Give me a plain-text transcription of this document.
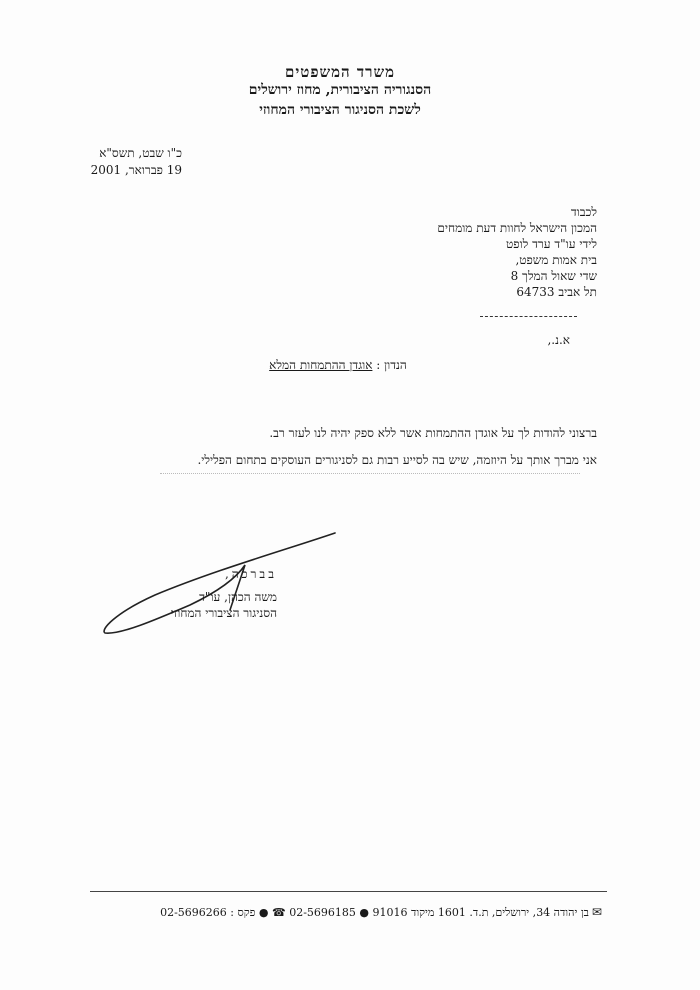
משרד המשפטים
הסנגוריה הציבורית, מחוז ירושלים
לשכת הסניגור הציבורי המחוזי
כ"ו שבט, תשס"א
19 פברואר, 2001
לכבוד
המכון הישראל לחוות דעת מומחים
לידי עו"ד ערד לופט
בית אמות משפט,
שדי שאול המלך 8
תל אביב 64733
א.נ.,
הנדון : אוגדן ההתמחות המלא
ברצוני להודות לך על אוגדן ההתמחות אשר ללא ספק יהיה לנו לעזר רב.
אני מברך אותך על היוזמה, שיש בה לסייע רבות גם לסניגורים העוסקים בתחום הפלילי.
בברכה,
משה הכהן, עו"ד
הסניגור הציבורי המחוזי
✉בן יהודה 34, ירושלים, ת.ד. 1601 מיקוד 91016 ● 02-5696185 ☎ ● פקס : 02-5696266
